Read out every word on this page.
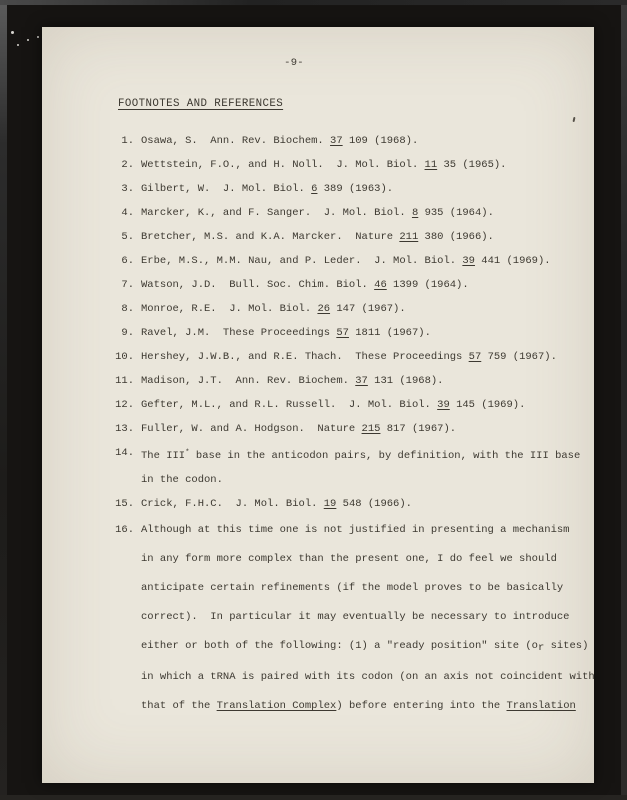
-9-
FOOTNOTES AND REFERENCES
1. Osawa, S.  Ann. Rev. Biochem. 37 109 (1968).
2. Wettstein, F.O., and H. Noll.  J. Mol. Biol. 11 35 (1965).
3. Gilbert, W.  J. Mol. Biol. 6 389 (1963).
4. Marcker, K., and F. Sanger.  J. Mol. Biol. 8 935 (1964).
5. Bretcher, M.S. and K.A. Marcker.  Nature 211 380 (1966).
6. Erbe, M.S., M.M. Nau, and P. Leder.  J. Mol. Biol. 39 441 (1969).
7. Watson, J.D.  Bull. Soc. Chim. Biol. 46 1399 (1964).
8. Monroe, R.E.  J. Mol. Biol. 26 147 (1967).
9. Ravel, J.M.  These Proceedings 57 1811 (1967).
10. Hershey, J.W.B., and R.E. Thach.  These Proceedings 57 759 (1967).
11. Madison, J.T.  Ann. Rev. Biochem. 37 131 (1968).
12. Gefter, M.L., and R.L. Russell.  J. Mol. Biol. 39 145 (1969).
13. Fuller, W. and A. Hodgson.  Nature 215 817 (1967).
14. The III* base in the anticodon pairs, by definition, with the III base
in the codon.
15. Crick, F.H.C.  J. Mol. Biol. 19 548 (1966).
16. Although at this time one is not justified in presenting a mechanism
in any form more complex than the present one, I do feel we should
anticipate certain refinements (if the model proves to be basically
correct).  In particular it may eventually be necessary to introduce
either or both of the following: (1) a "ready position" site (or sites)
in which a tRNA is paired with its codon (on an axis not coincident with
that of the Translation Complex) before entering into the Translation
